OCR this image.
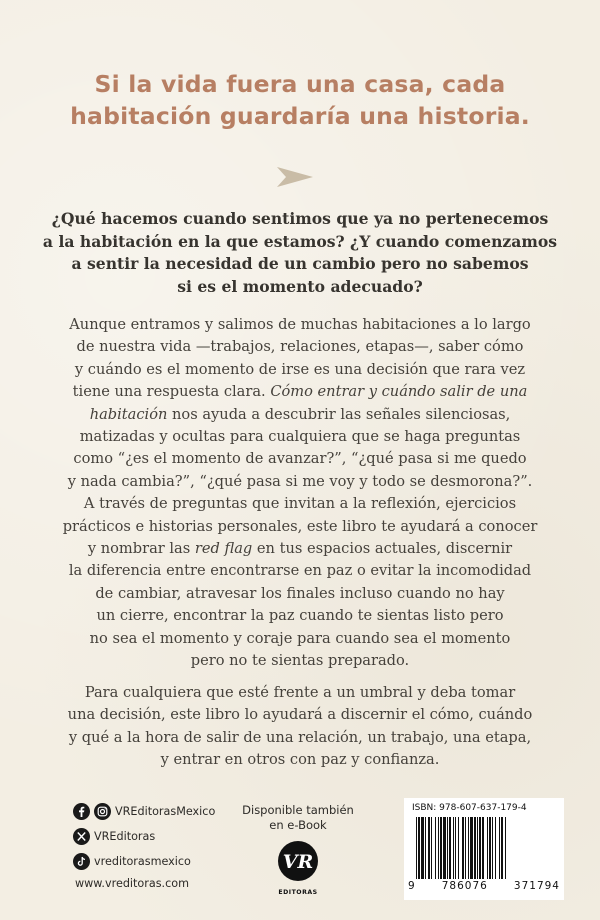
Si la vida fuera una casa, cada
habitación guardaría una historia.
¿Qué hacemos cuando sentimos que ya no pertenecemos
a la habitación en la que estamos? ¿Y cuando comenzamos
a sentir la necesidad de un cambio pero no sabemos
si es el momento adecuado?

Aunque entramos y salimos de muchas habitaciones a lo largo
de nuestra vida —trabajos, relaciones, etapas—, saber cómo
y cuándo es el momento de irse es una decisión que rara vez
tiene una respuesta clara. Cómo entrar y cuándo salir de una
habitación nos ayuda a descubrir las señales silenciosas,
matizadas y ocultas para cualquiera que se haga preguntas
como “¿es el momento de avanzar?”, “¿qué pasa si me quedo
y nada cambia?”, “¿qué pasa si me voy y todo se desmorona?”.
A través de preguntas que invitan a la reflexión, ejercicios
prácticos e historias personales, este libro te ayudará a conocer
y nombrar las red flag en tus espacios actuales, discernir
la diferencia entre encontrarse en paz o evitar la incomodidad
de cambiar, atravesar los finales incluso cuando no hay
un cierre, encontrar la paz cuando te sientas listo pero
no sea el momento y coraje para cuando sea el momento
pero no te sientas preparado.

Para cualquiera que esté frente a un umbral y deba tomar
una decisión, este libro lo ayudará a discernir el cómo, cuándo
y qué a la hora de salir de una relación, un trabajo, una etapa,
y entrar en otros con paz y confianza.
VREditorasMexico
VREditoras
vreditorasmexico
www.vreditoras.com
Disponible también
en e-Book
VR
EDITORAS
ISBN: 978-607-637-179-4
9 786076 371794
